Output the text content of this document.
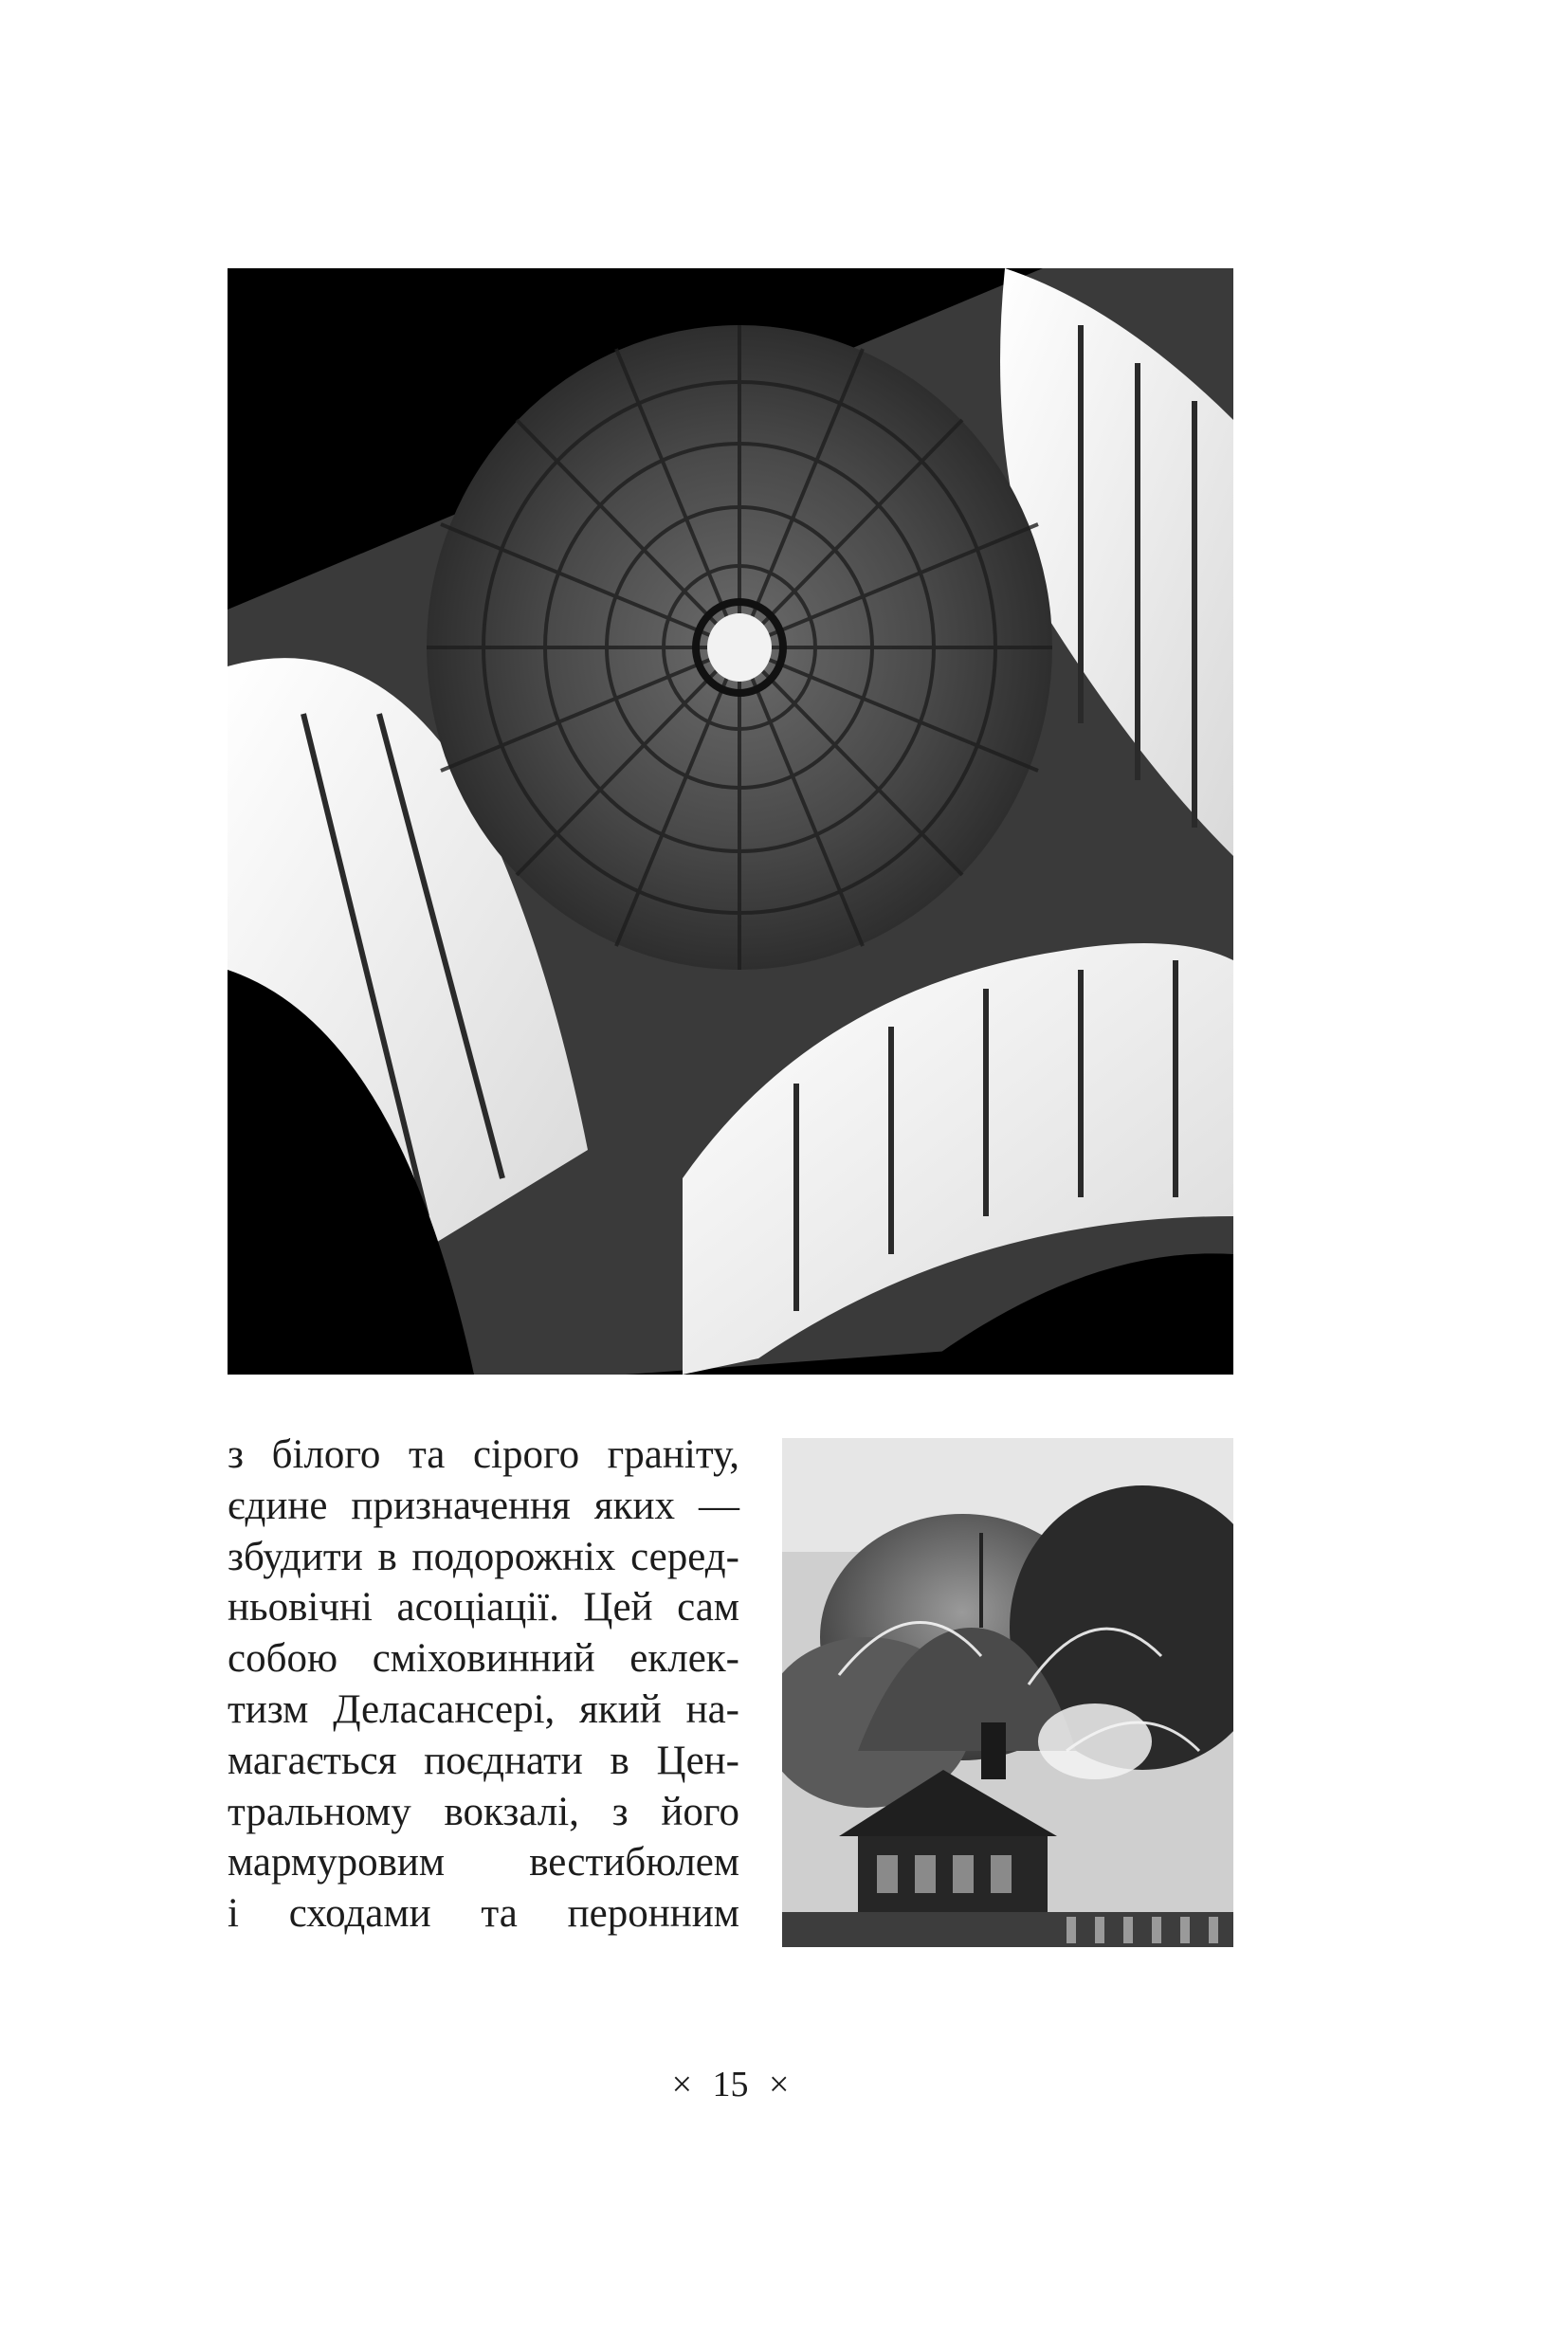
з білого та сірого граніту,
єдине призначення яких —
збудити в подорожніх серед-
ньовічні асоціації. Цей сам
собою сміховинний еклек-
тизм Деласансері, який на-
магається поєднати в Цен-
тральному вокзалі, з його
мармуровим вестибюлем
і сходами та перонним
× 15 ×
